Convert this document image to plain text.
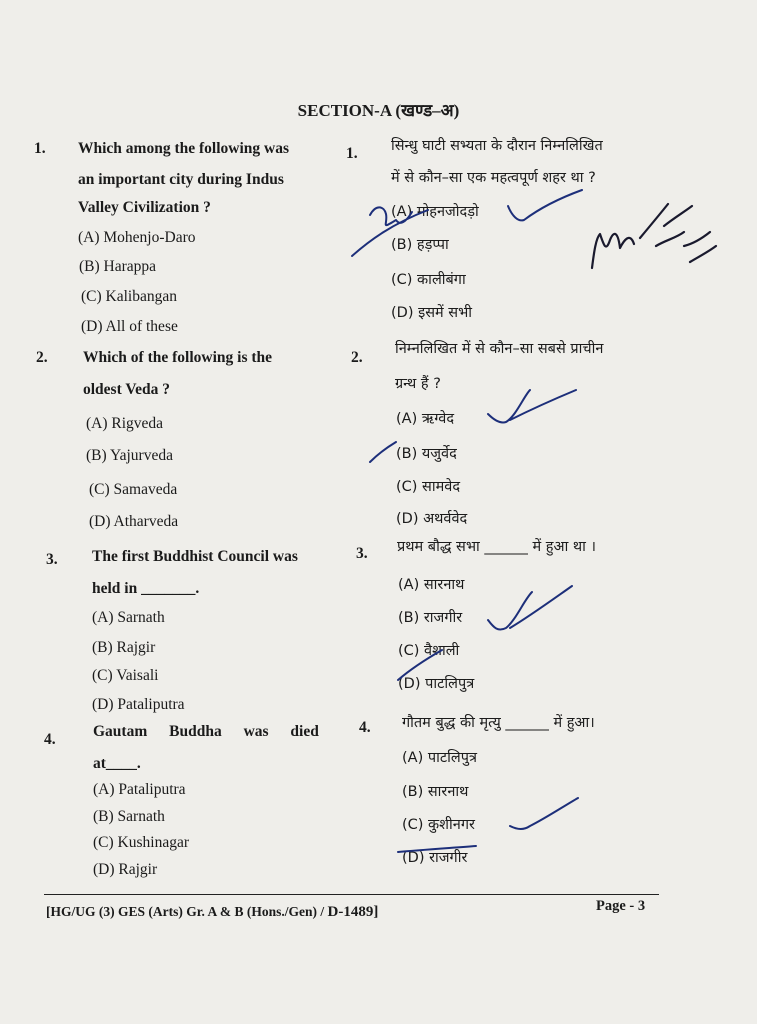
SECTION-A (खण्ड–अ)
1. Which among the following was
an important city during Indus
Valley Civilization ?
(A) Mohenjo-Daro
(B) Harappa
(C) Kalibangan
(D) All of these
1. सिन्धु घाटी सभ्यता के दौरान निम्नलिखित
में से कौन–सा एक महत्वपूर्ण शहर था ?
(A) मोहनजोदड़ो
(B) हड़प्पा
(C) कालीबंगा
(D) इसमें सभी
2. Which of the following is the
oldest Veda ?
(A) Rigveda
(B) Yajurveda
(C) Samaveda
(D) Atharveda
2. निम्नलिखित में से कौन–सा सबसे प्राचीन
ग्रन्थ हैं ?
(A) ऋग्वेद
(B) यजुर्वेद
(C) सामवेद
(D) अथर्ववेद
3. The first Buddhist Council was
held in _______.
(A) Sarnath
(B) Rajgir
(C) Vaisali
(D) Pataliputra
3. प्रथम बौद्ध सभा ______ में हुआ था ।
(A) सारनाथ
(B) राजगीर
(C) वैशाली
(D) पाटलिपुत्र
4. Gautam Buddha was died
at____.
(A) Pataliputra
(B) Sarnath
(C) Kushinagar
(D) Rajgir
4. गौतम बुद्ध की मृत्यु ______ में हुआ।
(A) पाटलिपुत्र
(B) सारनाथ
(C) कुशीनगर
(D) राजगीर
Madhu
[HG/UG (3) GES (Arts) Gr. A & B (Hons./Gen) / D-1489]	Page - 3
